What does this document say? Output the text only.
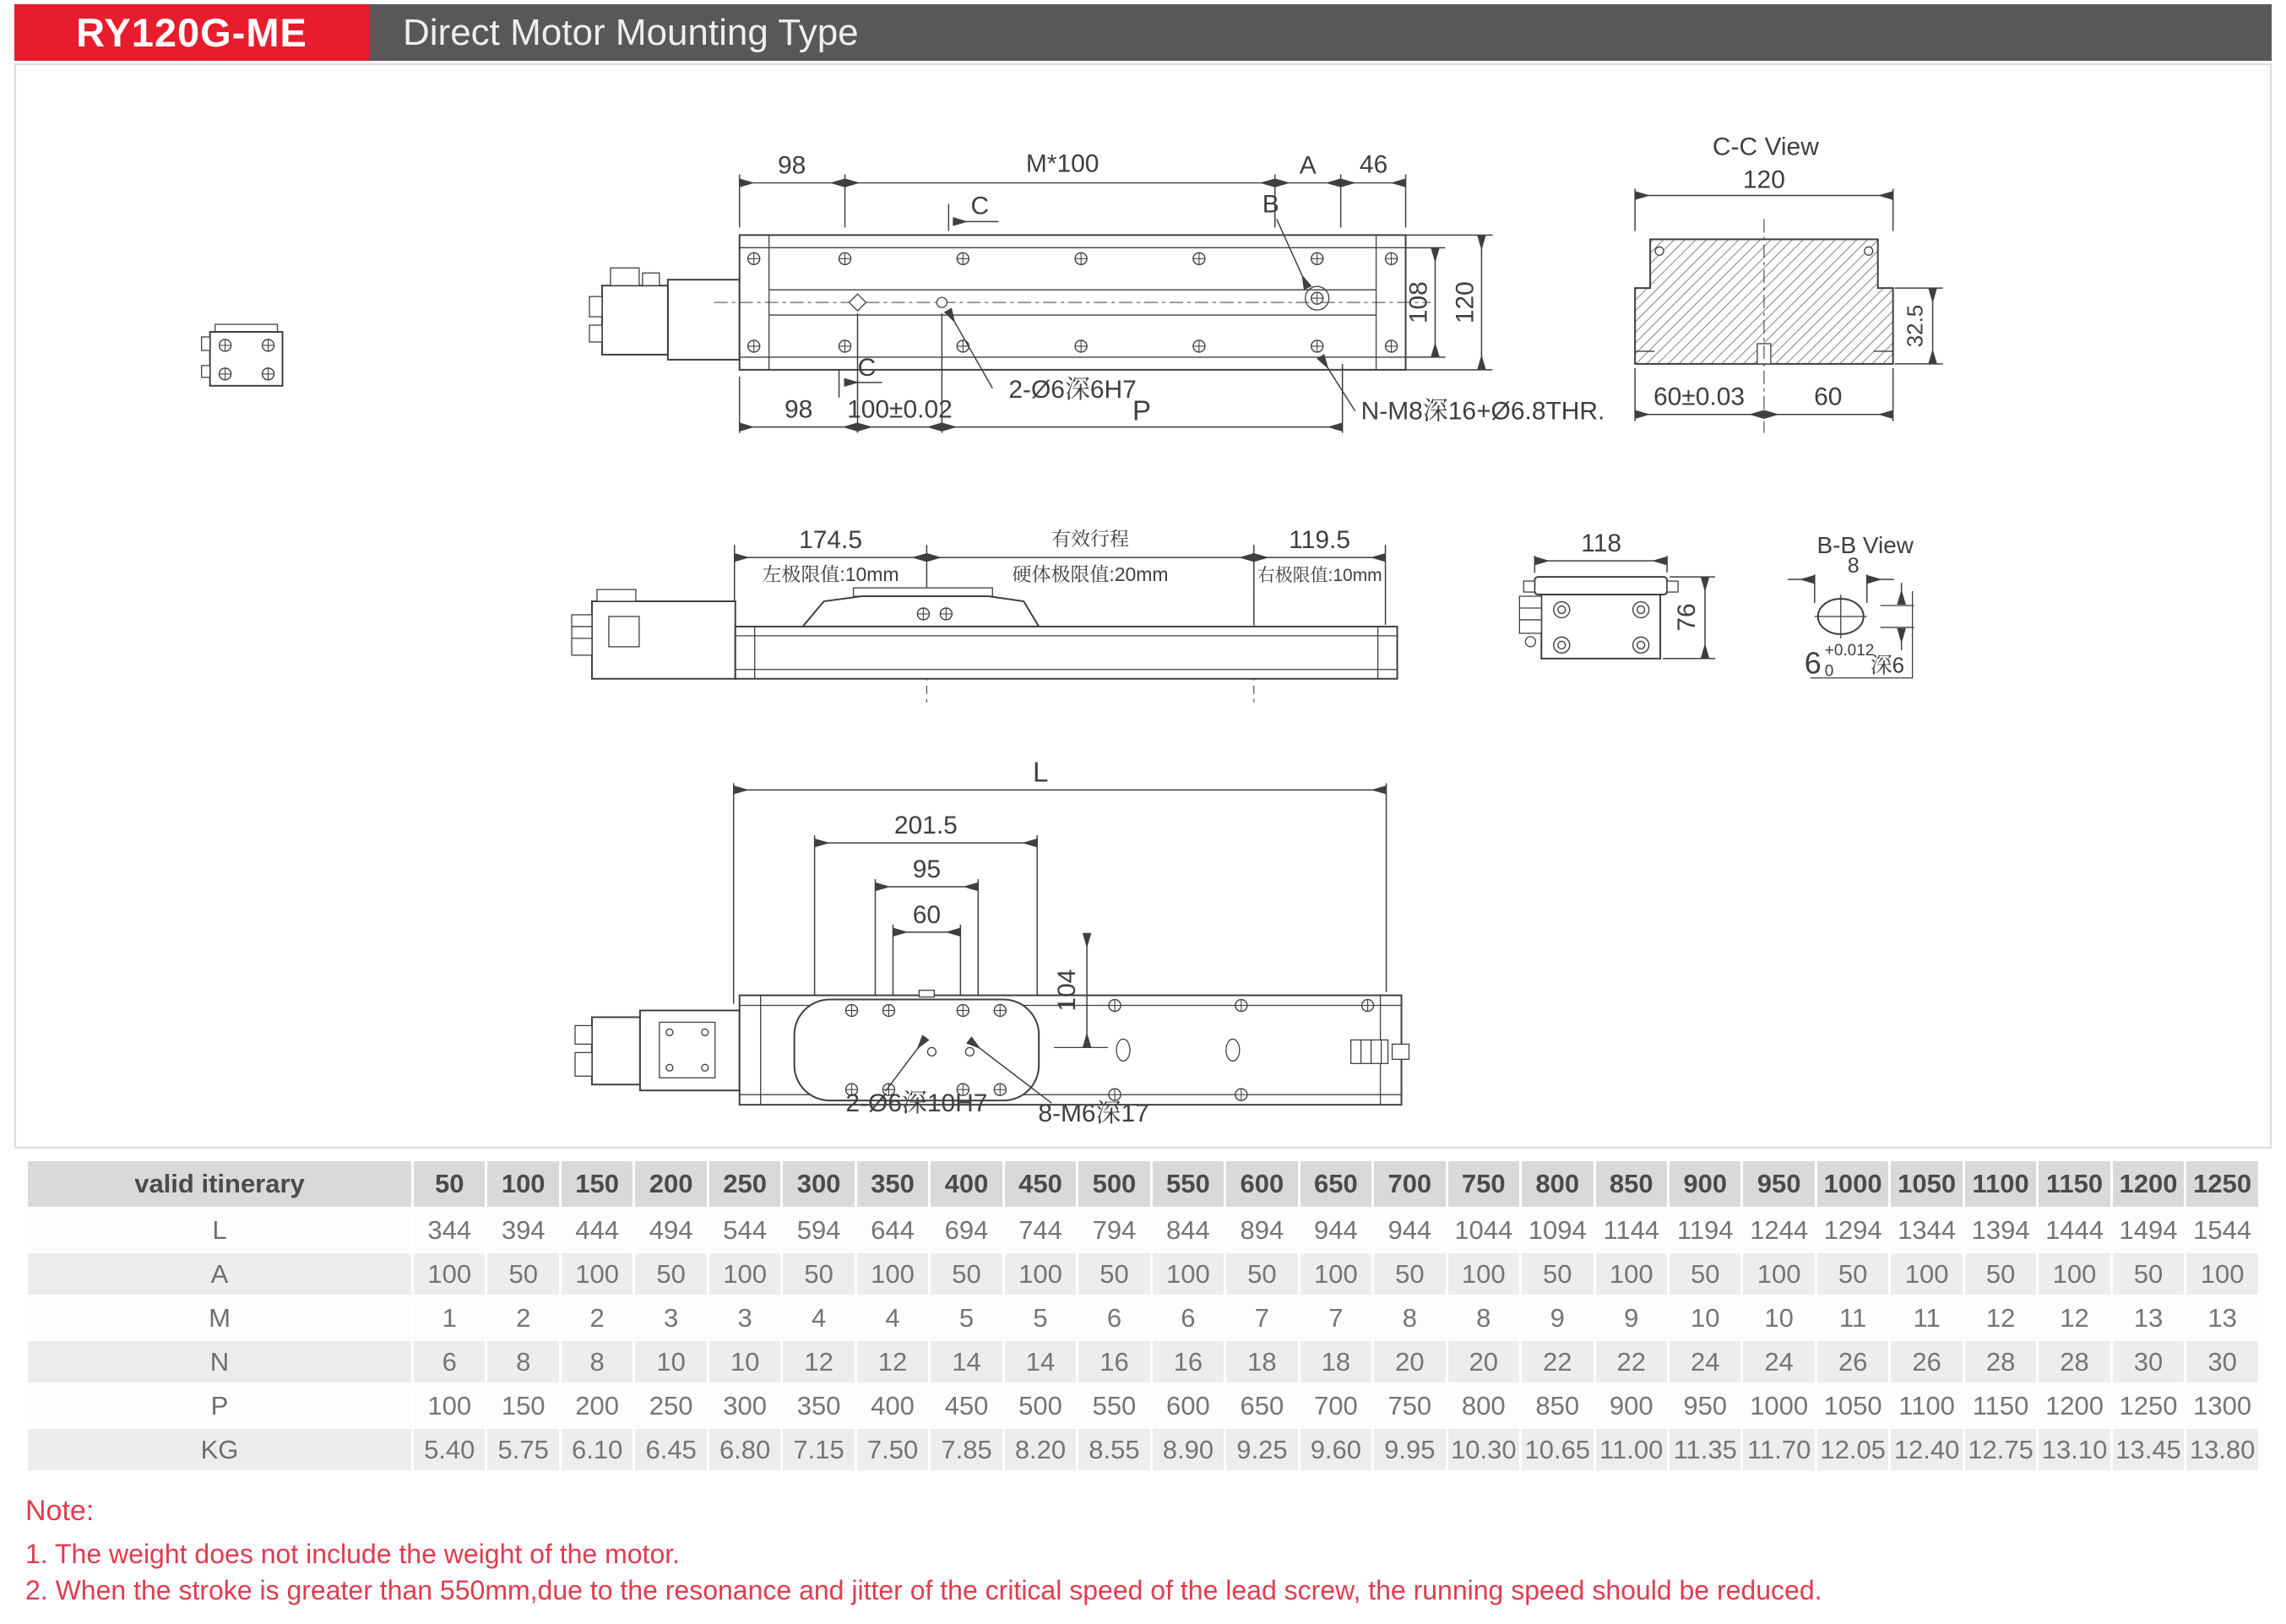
RY120G-ME	Direct Motor Mounting Type
98	M*100	A 46
C
C
B
108 120
98 100±0.02	P
2-Ø6深6H7
N-M8深16+Ø6.8THR.
C-C View
120
32.5
60±0.03	60
174.5
左极限值:10mm
有效行程
硬体极限值:20mm
119.5
右极限值:10mm
118
76
B-B View
8
6 +0.012
0 深6
L
201.5
95
60
104
2-Ø6深10H7 8-M6深17
valid itinerary	50	100	150	200	250	300	350	400	450	500	550	600	650	700	750	800	850	900	950	1000	1050	1100	1150	1200	1250
L	344	394	444	494	544	594	644	694	744	794	844	894	944	944	1044	1094	1144	1194	1244	1294	1344	1394	1444	1494	1544
A	100	50	100	50	100	50	100	50	100	50	100	50	100	50	100	50	100	50	100	50	100	50	100	50	100
M	1	2	2	3	3	4	4	5	5	6	6	7	7	8	8	9	9	10	10	11	11	12	12	13	13
N	6	8	8	10	10	12	12	14	14	16	16	18	18	20	20	22	22	24	24	26	26	28	28	30	30
P	100	150	200	250	300	350	400	450	500	550	600	650	700	750	800	850	900	950	1000	1050	1100	1150	1200	1250	1300
KG	5.40	5.75	6.10	6.45	6.80	7.15	7.50	7.85	8.20	8.55	8.90	9.25	9.60	9.95	10.30	10.65	11.00	11.35	11.70	12.05	12.40	12.75	13.10	13.45	13.80

Note:

1. The weight does not include the weight of the motor.

2. When the stroke is greater than 550mm,due to the resonance and jitter of the critical speed of the lead screw, the running speed should be reduced.
